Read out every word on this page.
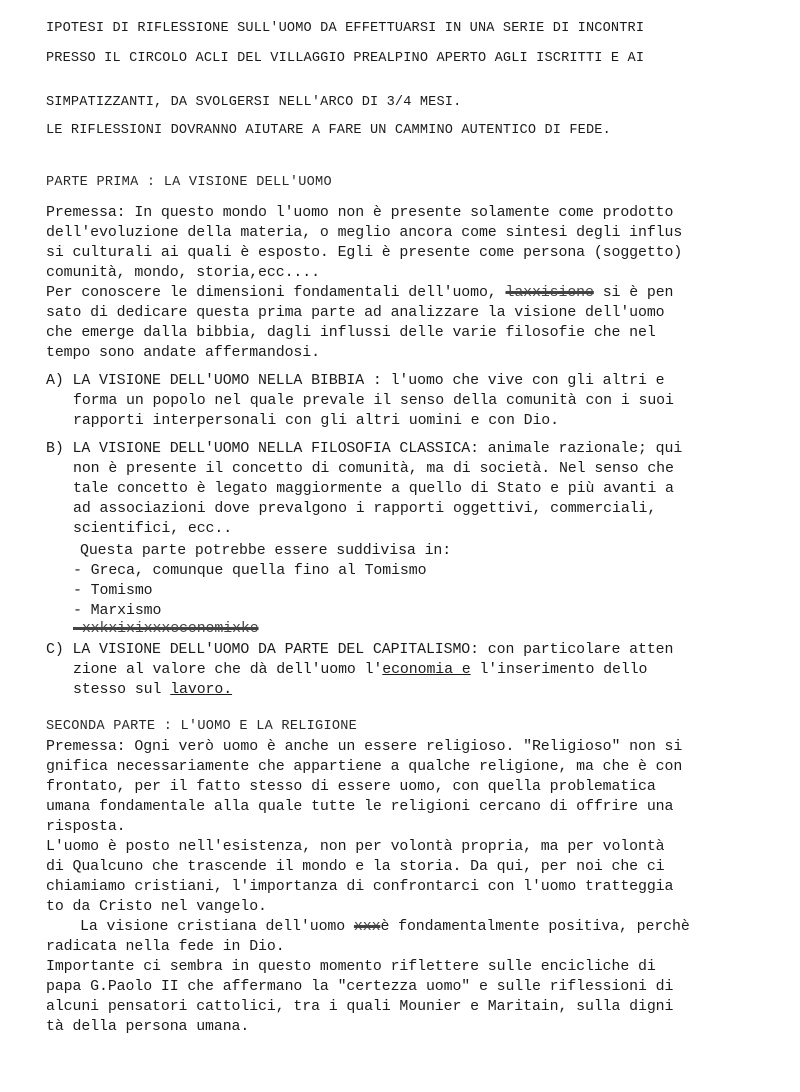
IPOTESI DI RIFLESSIONE SULL'UOMO DA EFFETTUARSI IN UNA SERIE DI INCONTRI
PRESSO IL CIRCOLO ACLI DEL VILLAGGIO PREALPINO APERTO AGLI ISCRITTI E AI
SIMPATIZZANTI, DA SVOLGERSI NELL'ARCO DI 3/4 MESI.
LE RIFLESSIONI DOVRANNO AIUTARE A FARE UN CAMMINO AUTENTICO DI FEDE.
PARTE PRIMA : LA VISIONE DELL'UOMO
Premessa: In questo mondo l'uomo non è presente solamente come prodotto
dell'evoluzione della materia, o meglio ancora come sintesi degli influs
si culturali ai quali è esposto. Egli è presente come persona (soggetto)
comunità, mondo, storia,ecc....
Per conoscere le dimensioni fondamentali dell'uomo, laxxisione si è pen
sato di dedicare questa prima parte ad analizzare la visione dell'uomo
che emerge dalla bibbia, dagli influssi delle varie filosofie che nel
tempo sono andate affermandosi.
A) LA VISIONE DELL'UOMO NELLA BIBBIA : l'uomo che vive con gli altri e
forma un popolo nel quale prevale il senso della comunità con i suoi
rapporti interpersonali con gli altri uomini e con Dio.
B) LA VISIONE DELL'UOMO NELLA FILOSOFIA CLASSICA: animale razionale; qui
non è presente il concetto di comunità, ma di società. Nel senso che
tale concetto è legato maggiormente a quello di Stato e più avanti a
ad associazioni dove prevalgono i rapporti oggettivi, commerciali,
scientifici, ecc..
Questa parte potrebbe essere suddivisa in:
- Greca, comunque quella fino al Tomismo
- Tomismo
- Marxismo
-xxkxixixxxeconomixke
C) LA VISIONE DELL'UOMO DA PARTE DEL CAPITALISMO: con particolare atten
zione al valore che dà dell'uomo l'economia e l'inserimento dello
stesso sul lavoro.
SECONDA PARTE : L'UOMO E LA RELIGIONE
Premessa: Ogni verò uomo è anche un essere religioso. "Religioso" non si
gnifica necessariamente che appartiene a qualche religione, ma che è con
frontato, per il fatto stesso di essere uomo, con quella problematica
umana fondamentale alla quale tutte le religioni cercano di offrire una
risposta.
L'uomo è posto nell'esistenza, non per volontà propria, ma per volontà
di Qualcuno che trascende il mondo e la storia. Da qui, per noi che ci
chiamiamo cristiani, l'importanza di confrontarci con l'uomo tratteggia
to da Cristo nel vangelo.
La visione cristiana dell'uomo xxxè fondamentalmente positiva, perchè
radicata nella fede in Dio.
Importante ci sembra in questo momento riflettere sulle encicliche di
papa G.Paolo II che affermano la "certezza uomo" e sulle riflessioni di
alcuni pensatori cattolici, tra i quali Mounier e Maritain, sulla digni
tà della persona umana.
